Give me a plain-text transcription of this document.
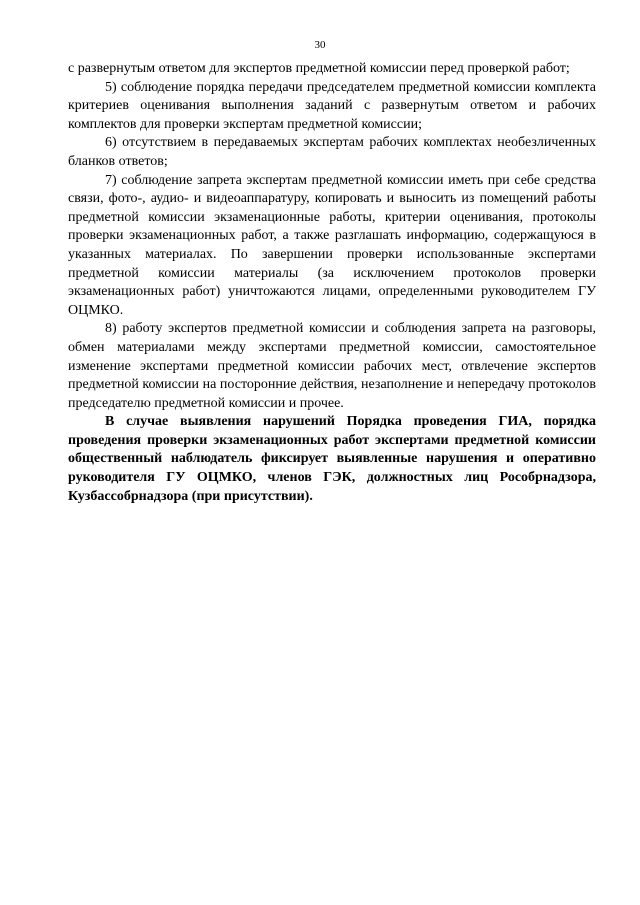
30

с развернутым ответом для экспертов предметной комиссии перед проверкой работ;

5) соблюдение порядка передачи председателем предметной комиссии комплекта критериев оценивания выполнения заданий с развернутым ответом и рабочих комплектов для проверки экспертам предметной комиссии;

6) отсутствием в передаваемых экспертам рабочих комплектах необезличенных бланков ответов;

7) соблюдение запрета экспертам предметной комиссии иметь при себе средства связи, фото-, аудио- и видеоаппаратуру, копировать и выносить из помещений работы предметной комиссии экзаменационные работы, критерии оценивания, протоколы проверки экзаменационных работ, а также разглашать информацию, содержащуюся в указанных материалах. По завершении проверки использованные экспертами предметной комиссии материалы (за исключением протоколов проверки экзаменационных работ) уничтожаются лицами, определенными руководителем ГУ ОЦМКО.

8) работу экспертов предметной комиссии и соблюдения запрета на разговоры, обмен материалами между экспертами предметной комиссии, самостоятельное изменение экспертами предметной комиссии рабочих мест, отвлечение экспертов предметной комиссии на посторонние действия, незаполнение и непередачу протоколов председателю предметной комиссии и прочее.

В случае выявления нарушений Порядка проведения ГИА, порядка проведения проверки экзаменационных работ экспертами предметной комиссии общественный наблюдатель фиксирует выявленные нарушения и оперативно руководителя ГУ ОЦМКО, членов ГЭК, должностных лиц Рособрнадзора, Кузбассобрнадзора (при присутствии).
